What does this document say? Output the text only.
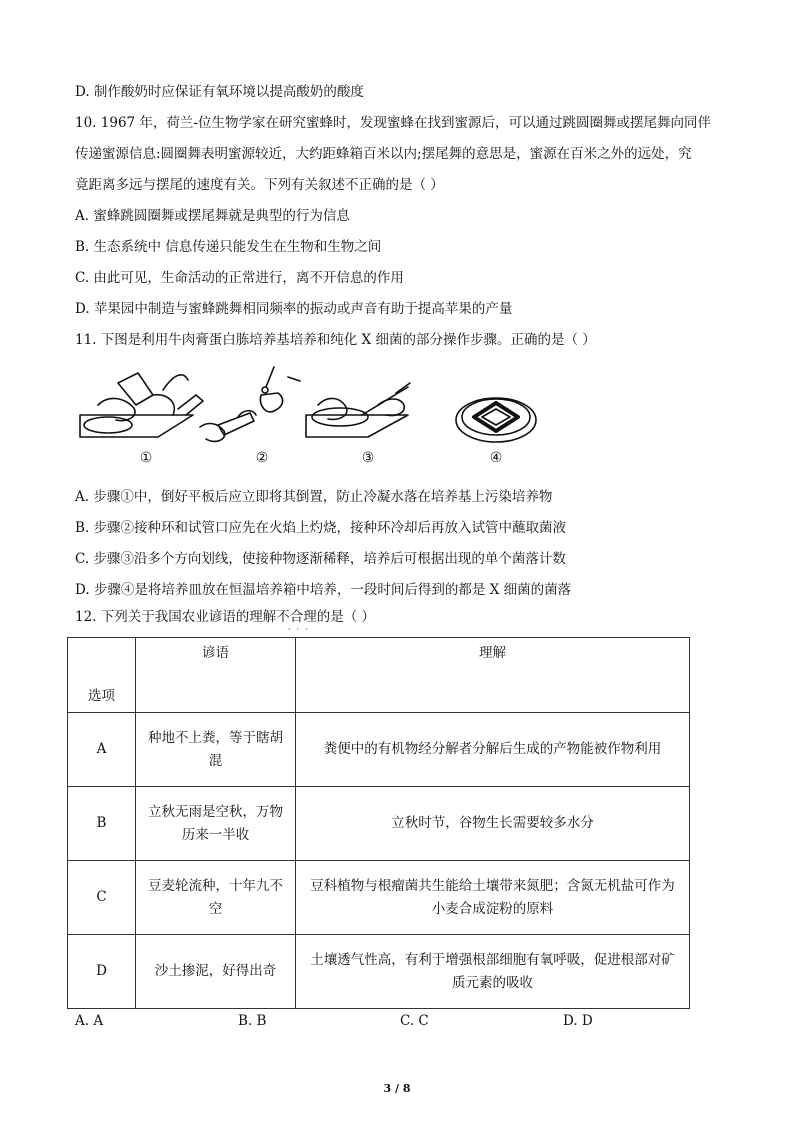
D. 制作酸奶时应保证有氧环境以提高酸奶的酸度
10. 1967 年，荷兰-位生物学家在研究蜜蜂时，发现蜜蜂在找到蜜源后，可以通过跳圆圈舞或摆尾舞向同伴
传递蜜源信息:圆圈舞表明蜜源较近，大约距蜂箱百米以内;摆尾舞的意思是，蜜源在百米之外的远处，究
竟距离多远与摆尾的速度有关。下列有关叙述不正确的是（ ）
A. 蜜蜂跳圆圈舞或摆尾舞就是典型的行为信息
B. 生态系统中 信息传递只能发生在生物和生物之间
C. 由此可见，生命活动的正常进行，离不开信息的作用
D. 苹果园中制造与蜜蜂跳舞相同频率的振动或声音有助于提高苹果的产量
11. 下图是利用牛肉膏蛋白胨培养基培养和纯化 X 细菌的部分操作步骤。正确的是（ ）
①	②	③	④
A. 步骤①中，倒好平板后应立即将其倒置，防止冷凝水落在培养基上污染培养物
B. 步骤②接种环和试管口应先在火焰上灼烧，接种环冷却后再放入试管中蘸取菌液
C. 步骤③沿多个方向划线，使接种物逐渐稀释，培养后可根据出现的单个菌落计数
D. 步骤④是将培养皿放在恒温培养箱中培养，一段时间后得到的都是 X 细菌的菌落
12. 下列关于我国农业谚语的理解不合理的是（ ）
···
选项	谚语	理解
A	种地不上粪，等于瞎胡混	粪便中的有机物经分解者分解后生成的产物能被作物利用
B	立秋无雨是空秋，万物历来一半收	立秋时节，谷物生长需要较多水分
C	豆麦轮流种，十年九不空	豆科植物与根瘤菌共生能给土壤带来氮肥；含氮无机盐可作为小麦合成淀粉的原料
D	沙土掺泥，好得出奇	土壤透气性高，有利于增强根部细胞有氧呼吸，促进根部对矿质元素的吸收
A. A	B. B	C. C	D. D
3 / 8
